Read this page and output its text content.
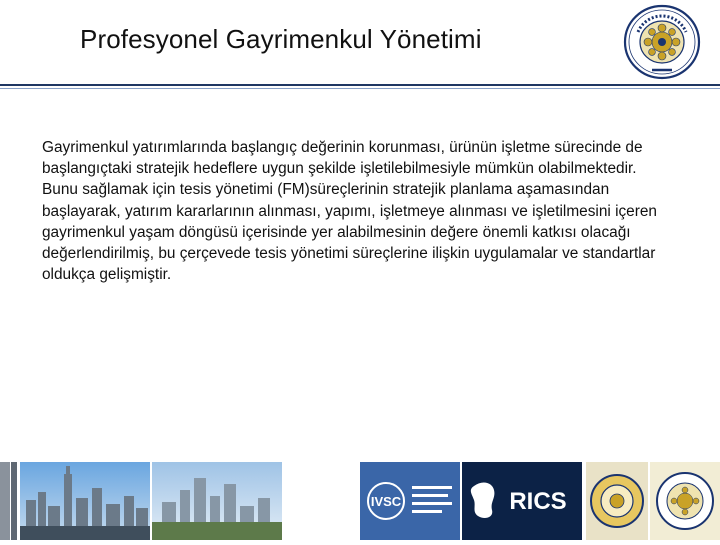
Profesyonel Gayrimenkul Yönetimi
Gayrimenkul yatırımlarında başlangıç değerinin korunması, ürünün işletme sürecinde de başlangıçtaki stratejik hedeflere uygun şekilde işletilebilmesiyle mümkün olabilmektedir. Bunu sağlamak için tesis yönetimi (FM)süreçlerinin stratejik planlama aşamasından başlayarak, yatırım kararlarının alınması, yapımı, işletmeye alınması ve işletilmesini içeren gayrimenkul yaşam döngüsü içerisinde yer alabilmesinin değere önemli katkısı olacağı değerlendirilmiş, bu çerçevede tesis yönetimi süreçlerine ilişkin uygulamalar ve standartlar oldukça gelişmiştir.
IVSC	RICS
